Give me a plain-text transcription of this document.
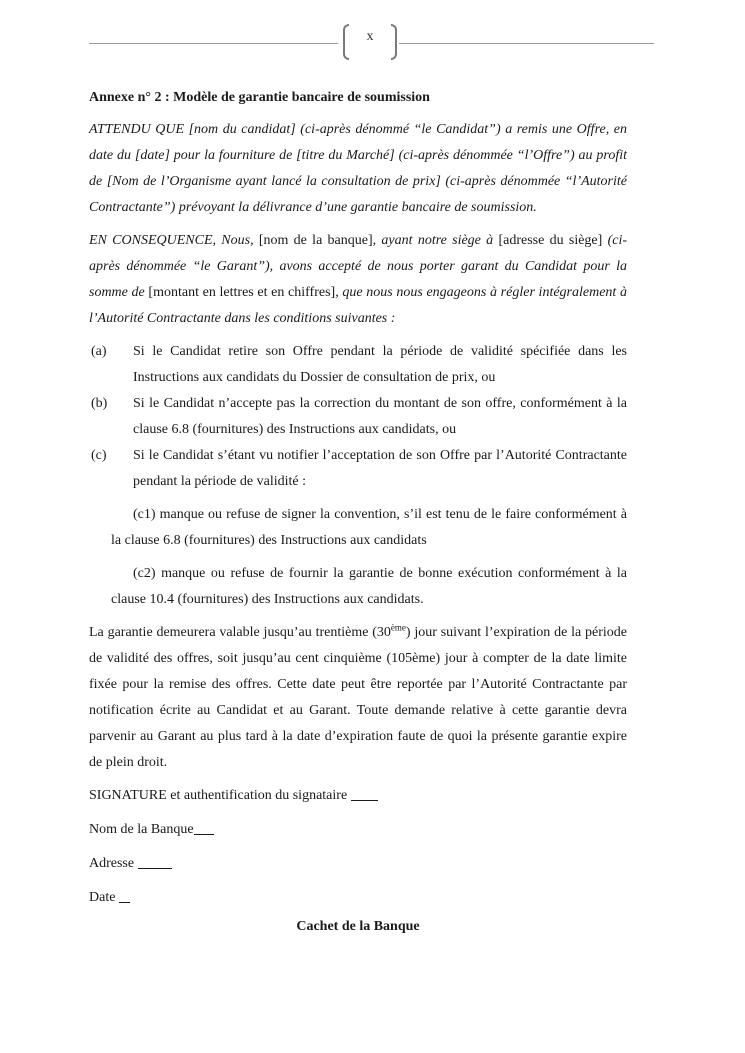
x
Annexe n° 2 : Modèle de garantie bancaire de soumission

ATTENDU QUE [nom du candidat] (ci-après dénommé “le Candidat”) a remis une Offre, en date du [date] pour la fourniture de [titre du Marché] (ci-après dénommée “l’Offre”) au profit de [Nom de l’Organisme ayant lancé la consultation de prix] (ci-après dénommée “l’Autorité Contractante”) prévoyant la délivrance d’une garantie bancaire de soumission.

EN CONSEQUENCE, Nous, [nom de la banque], ayant notre siège à [adresse du siège] (ci-après dénommée “le Garant”), avons accepté de nous porter garant du Candidat pour la somme de [montant en lettres et en chiffres], que nous nous engageons à régler intégralement à l’Autorité Contractante dans les conditions suivantes :

(a) Si le Candidat retire son Offre pendant la période de validité spécifiée dans les Instructions aux candidats du Dossier de consultation de prix, ou

(b) Si le Candidat n’accepte pas la correction du montant de son offre, conformément à la clause 6.8 (fournitures) des Instructions aux candidats, ou

(c) Si le Candidat s’étant vu notifier l’acceptation de son Offre par l’Autorité Contractante pendant la période de validité :

(c1) manque ou refuse de signer la convention, s’il est tenu de le faire conformément à la clause 6.8 (fournitures) des Instructions aux candidats

(c2) manque ou refuse de fournir la garantie de bonne exécution conformément à la clause 10.4 (fournitures) des Instructions aux candidats.

La garantie demeurera valable jusqu’au trentième (30ème) jour suivant l’expiration de la période de validité des offres, soit jusqu’au cent cinquième (105ème) jour à compter de la date limite fixée pour la remise des offres. Cette date peut être reportée par l’Autorité Contractante par notification écrite au Candidat et au Garant. Toute demande relative à cette garantie devra parvenir au Garant au plus tard à la date d’expiration faute de quoi la présente garantie expire de plein droit.

SIGNATURE et authentification du signataire
Nom de la Banque
Adresse
Date
Cachet de la Banque
